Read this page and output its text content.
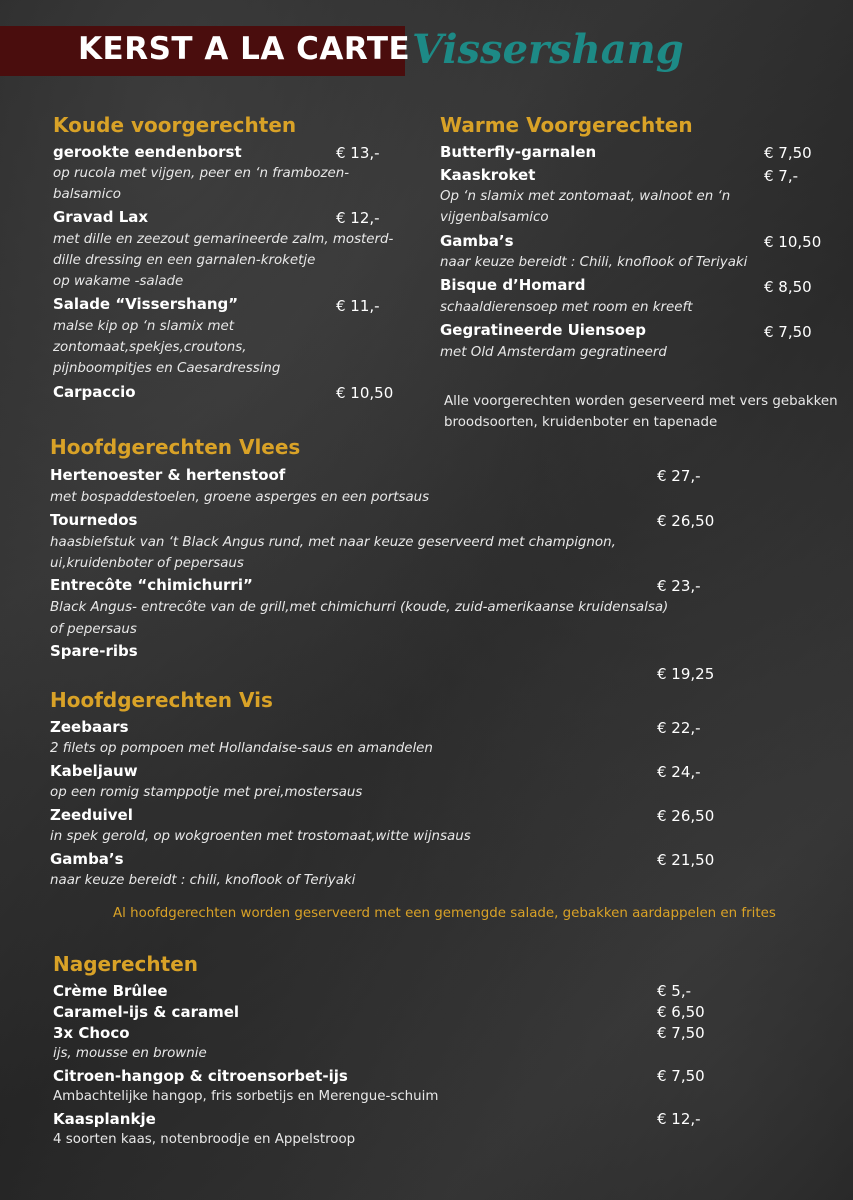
KERST A LA CARTE Vissershang
Koude voorgerechten
gerookte eendenborst	€ 13,-
op rucola met vijgen, peer en ‘n frambozen-
balsamico
Gravad Lax	€ 12,-
met dille en zeezout gemarineerde zalm, mosterd-
dille dressing en een garnalen-kroketje
op wakame -salade
Salade “Vissershang”	€ 11,-
malse kip op ‘n slamix met
zontomaat,spekjes,croutons,
pijnboompitjes en Caesardressing
Carpaccio	€ 10,50
Warme Voorgerechten
Butterfly-garnalen	€ 7,50
Kaaskroket	€ 7,-
Op ‘n slamix met zontomaat, walnoot en ‘n
vijgenbalsamico
Gamba’s	€ 10,50
naar keuze bereidt : Chili, knoflook of Teriyaki
Bisque d’Homard	€ 8,50
schaaldierensoep met room en kreeft
Gegratineerde Uiensoep	€ 7,50
met Old Amsterdam gegratineerd
Alle voorgerechten worden geserveerd met vers gebakken
broodsoorten, kruidenboter en tapenade
Hoofdgerechten Vlees
Hertenoester & hertenstoof	€ 27,-
met bospaddestoelen, groene asperges en een portsaus
Tournedos	€ 26,50
haasbiefstuk van ‘t Black Angus rund, met naar keuze geserveerd met champignon,
ui,kruidenboter of pepersaus
Entrecôte “chimichurri”	€ 23,-
Black Angus- entrecôte van de grill,met chimichurri (koude, zuid-amerikaanse kruidensalsa)
of pepersaus
Spare-ribs
€ 19,25
Hoofdgerechten Vis
Zeebaars	€ 22,-
2 filets op pompoen met Hollandaise-saus en amandelen
Kabeljauw	€ 24,-
op een romig stamppotje met prei,mostersaus
Zeeduivel	€ 26,50
in spek gerold, op wokgroenten met trostomaat,witte wijnsaus
Gamba’s	€ 21,50
naar keuze bereidt : chili, knoflook of Teriyaki
Al hoofdgerechten worden geserveerd met een gemengde salade, gebakken aardappelen en frites
Nagerechten
Crème Brûlee	€ 5,-
Caramel-ijs & caramel	€ 6,50
3x Choco	€ 7,50
ijs, mousse en brownie
Citroen-hangop & citroensorbet-ijs	€ 7,50
Ambachtelijke hangop, fris sorbetijs en Merengue-schuim
Kaasplankje	€ 12,-
4 soorten kaas, notenbroodje en Appelstroop
